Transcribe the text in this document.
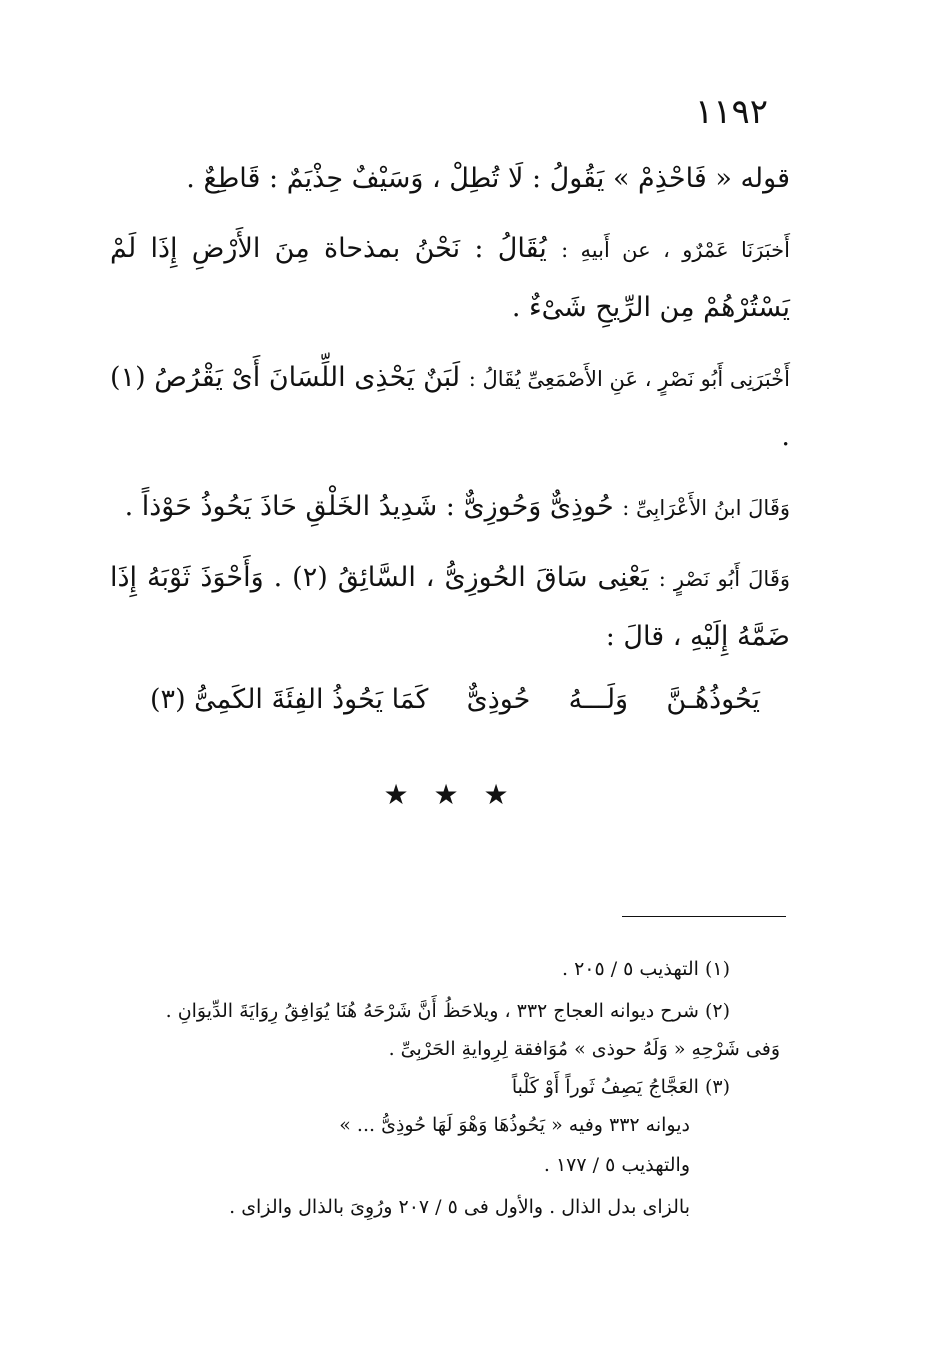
١١٩٢

قوله « فَاحْذِمْ » يَقُولُ : لَا تُطِلْ ، وَسَيْفٌ حِذْيَمٌ : قَاطِعٌ .

أَخبَرَنَا عَمْرٌو ، عن أَبيهِ : يُقَالُ : نَحْنُ بمذحاة مِنَ الأَرْضِ إِذَا لَمْ يَسْتُرْهُمْ مِن الرِّيحِ شَىْءٌ .

أَخْبَرَنِى أَبُو نَصْرٍ ، عَنِ الأَصْمَعِىِّ يُقَالُ : لَبَنٌ يَحْذِى اللِّسَانَ أَىْ يَقْرُصُ (١) .

وَقَالَ ابنُ الأَعْرَابِىِّ : حُوذِىٌّ وَحُوزِىٌّ : شَدِيدُ الخَلْقِ حَاذَ يَحُوذُ حَوْذاً .

وَقَالَ أَبُو نَصْرٍ : يَعْنِى سَاقَ الحُوزِىُّ ، السَّائِقُ (٢) . وَأَحْوَذَ ثَوْبَهُ إِذَا ضَمَّهُ إِلَيْهِ ، قالَ :

يَحُوذُهُـنَّ
وَلَـــهُ
حُوذِىٌّ
كَمَا يَحُوذُ الفِئَةَ الكَمِىُّ (٣)
★ ★ ★
(١) التهذيب ٥ / ٢٠٥ .
(٢) شرح ديوانه العجاج ٣٣٢ ، ويلاحَظُ أَنَّ شَرْحَهُ هُنَا يُوَافِقُ رِوَايَةَ الدِّيوَانِ .
وَفى شَرْحِهِ « وَلَهُ حوذى » مُوَافقة لِرِوايةِ الحَرْبِىِّ .
(٣) العَجَّاجُ يَصِفُ ثَوراً أَوْ كَلْباً
ديوانه ٣٣٢ وفيه « يَحُوذُهَا وَهْوَ لَهَا حُوذِىُّ ... »
والتهذيب ٥ / ١٧٧ .
بالزاى بدل الذال . والأول فى ٥ / ٢٠٧ ورُوِىَ بالذال والزاى .
